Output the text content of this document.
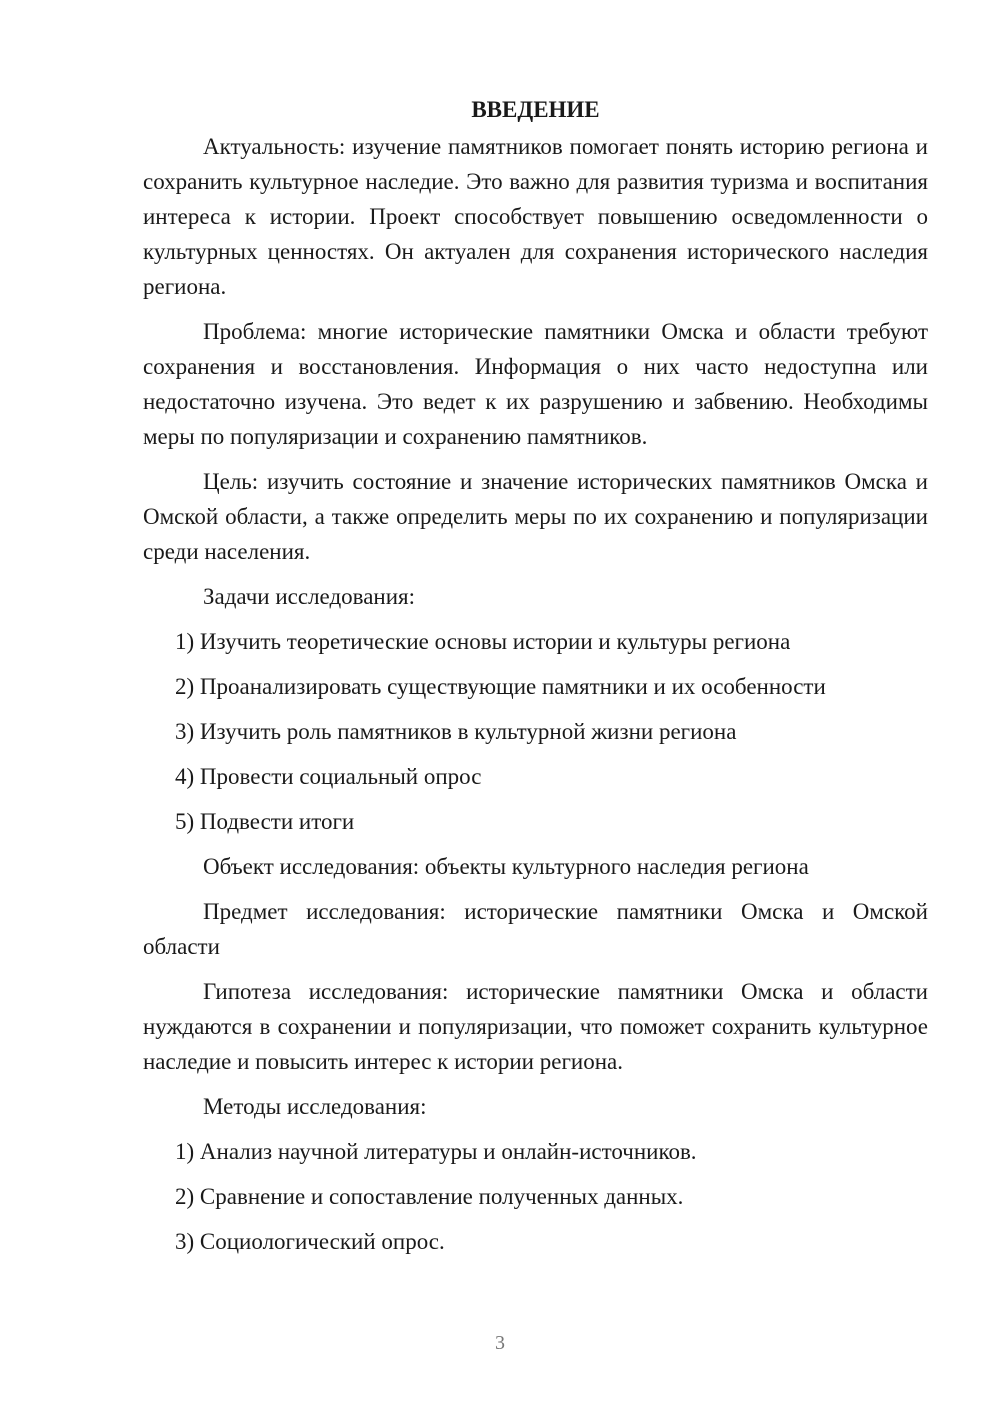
ВВЕДЕНИЕ

Актуальность: изучение памятников помогает понять историю региона и сохранить культурное наследие. Это важно для развития туризма и воспитания интереса к истории. Проект способствует повышению осведомленности о культурных ценностях. Он актуален для сохранения исторического наследия региона.

Проблема: многие исторические памятники Омска и области требуют сохранения и восстановления. Информация о них часто недоступна или недостаточно изучена. Это ведет к их разрушению и забвению. Необходимы меры по популяризации и сохранению памятников.

Цель: изучить состояние и значение исторических памятников Омска и Омской области, а также определить меры по их сохранению и популяризации среди населения.

Задачи исследования:

1) Изучить теоретические основы истории и культуры региона
2) Проанализировать существующие памятники и их особенности
3) Изучить роль памятников в культурной жизни региона
4) Провести социальный опрос
5) Подвести итоги

Объект исследования: объекты культурного наследия региона

Предмет исследования: исторические памятники Омска и Омской области

Гипотеза исследования: исторические памятники Омска и области нуждаются в сохранении и популяризации, что поможет сохранить культурное наследие и повысить интерес к истории региона.

Методы исследования:

1) Анализ научной литературы и онлайн-источников.
2) Сравнение и сопоставление полученных данных.
3) Социологический опрос.
3
